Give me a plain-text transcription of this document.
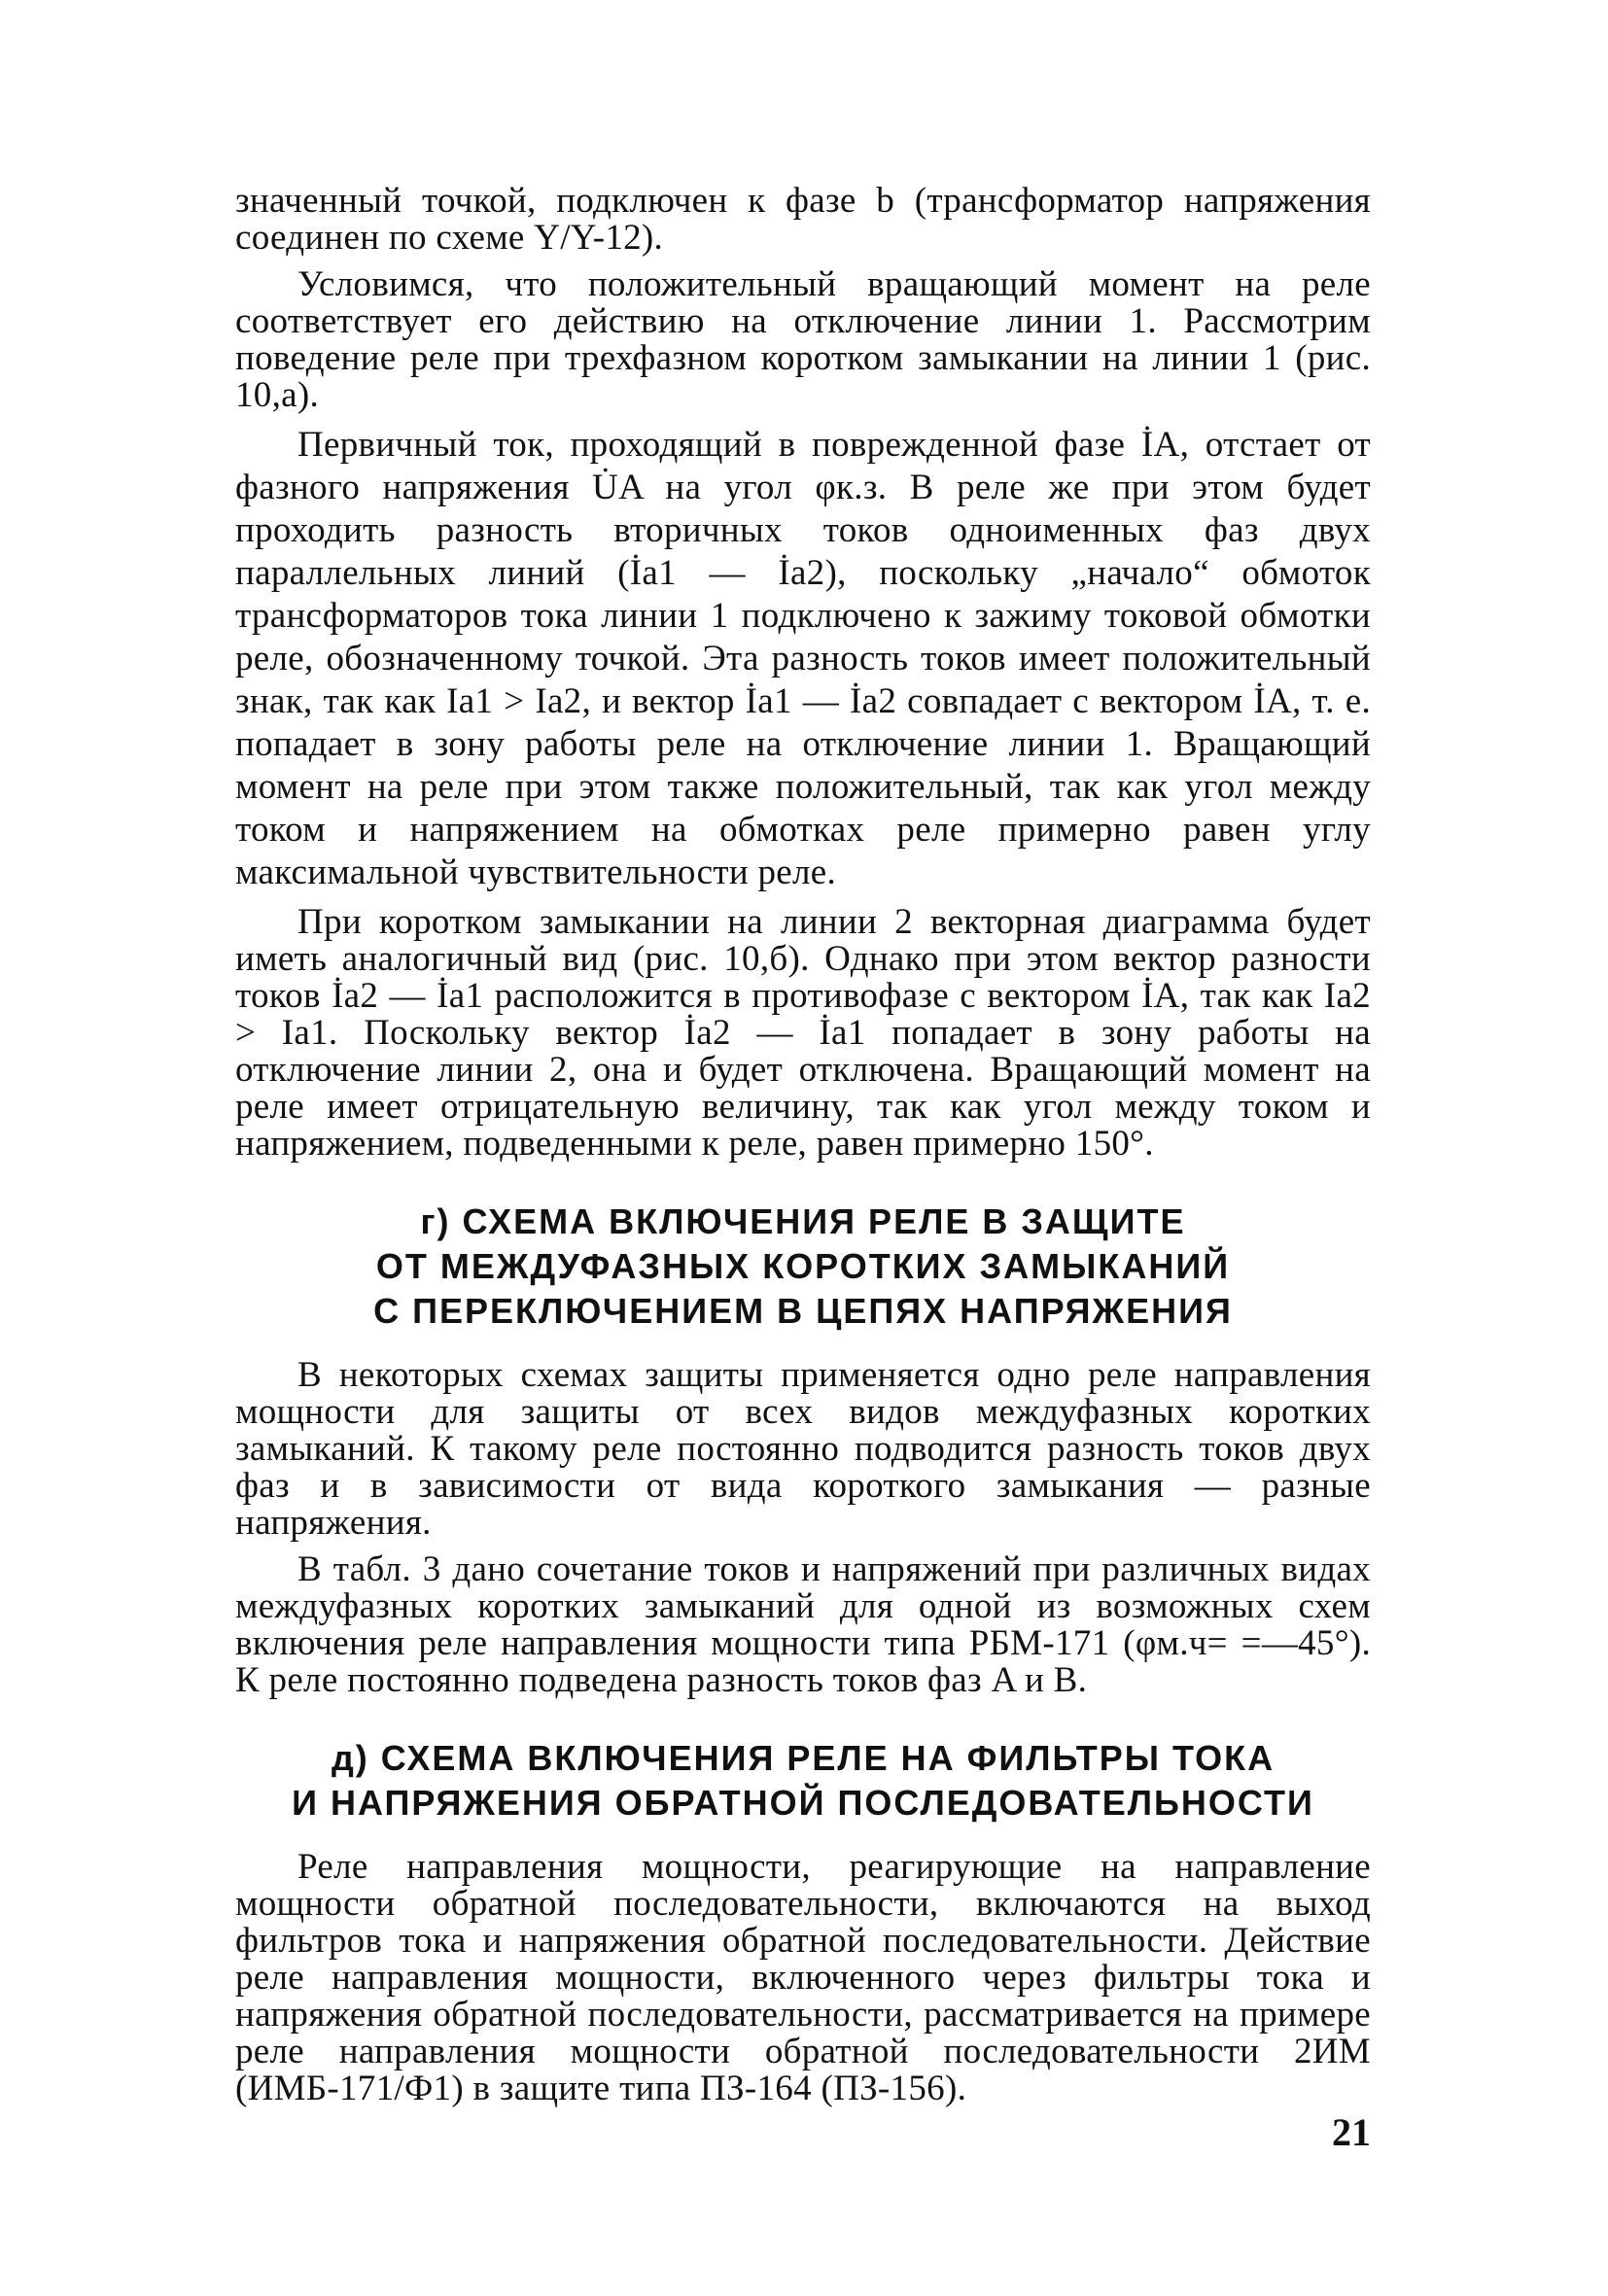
значенный точкой, подключен к фазе b (трансформатор напряжения соединен по схеме Y/Y-12).

Условимся, что положительный вращающий момент на реле соответствует его действию на отключение линии 1. Рассмотрим поведение реле при трехфазном коротком замыкании на линии 1 (рис. 10,а).

Первичный ток, проходящий в поврежденной фазе İA, отстает от фазного напряжения U̇A на угол φк.з. В реле же при этом будет проходить разность вторичных токов одноименных фаз двух параллельных линий (İa1 — İa2), поскольку „начало“ обмоток трансформаторов тока линии 1 подключено к зажиму токовой обмотки реле, обозначенному точкой. Эта разность токов имеет положительный знак, так как Ia1 > Ia2, и вектор İa1 — İa2 совпадает с вектором İA, т. е. попадает в зону работы реле на отключение линии 1. Вращающий момент на реле при этом также положительный, так как угол между током и напряжением на обмотках реле примерно равен углу максимальной чувствительности реле.

При коротком замыкании на линии 2 векторная диаграмма будет иметь аналогичный вид (рис. 10,б). Однако при этом вектор разности токов İa2 — İa1 расположится в противофазе с вектором İA, так как Ia2 > Ia1. Поскольку вектор İa2 — İa1 попадает в зону работы на отключение линии 2, она и будет отключена. Вращающий момент на реле имеет отрицательную величину, так как угол между током и напряжением, подведенными к реле, равен примерно 150°.

г) СХЕМА ВКЛЮЧЕНИЯ РЕЛЕ В ЗАЩИТЕ
ОТ МЕЖДУФАЗНЫХ КОРОТКИХ ЗАМЫКАНИЙ
С ПЕРЕКЛЮЧЕНИЕМ В ЦЕПЯХ НАПРЯЖЕНИЯ

В некоторых схемах защиты применяется одно реле направления мощности для защиты от всех видов междуфазных коротких замыканий. К такому реле постоянно подводится разность токов двух фаз и в зависимости от вида короткого замыкания — разные напряжения.

В табл. 3 дано сочетание токов и напряжений при различных видах междуфазных коротких замыканий для одной из возможных схем включения реле направления мощности типа РБМ-171 (φм.ч= =—45°). К реле постоянно подведена разность токов фаз A и B.

д) СХЕМА ВКЛЮЧЕНИЯ РЕЛЕ НА ФИЛЬТРЫ ТОКА
И НАПРЯЖЕНИЯ ОБРАТНОЙ ПОСЛЕДОВАТЕЛЬНОСТИ

Реле направления мощности, реагирующие на направление мощности обратной последовательности, включаются на выход фильтров тока и напряжения обратной последовательности. Действие реле направления мощности, включенного через фильтры тока и напряжения обратной последовательности, рассматривается на примере реле направления мощности обратной последовательности 2ИМ (ИМБ-171/Ф1) в защите типа ПЗ-164 (ПЗ-156).

21
